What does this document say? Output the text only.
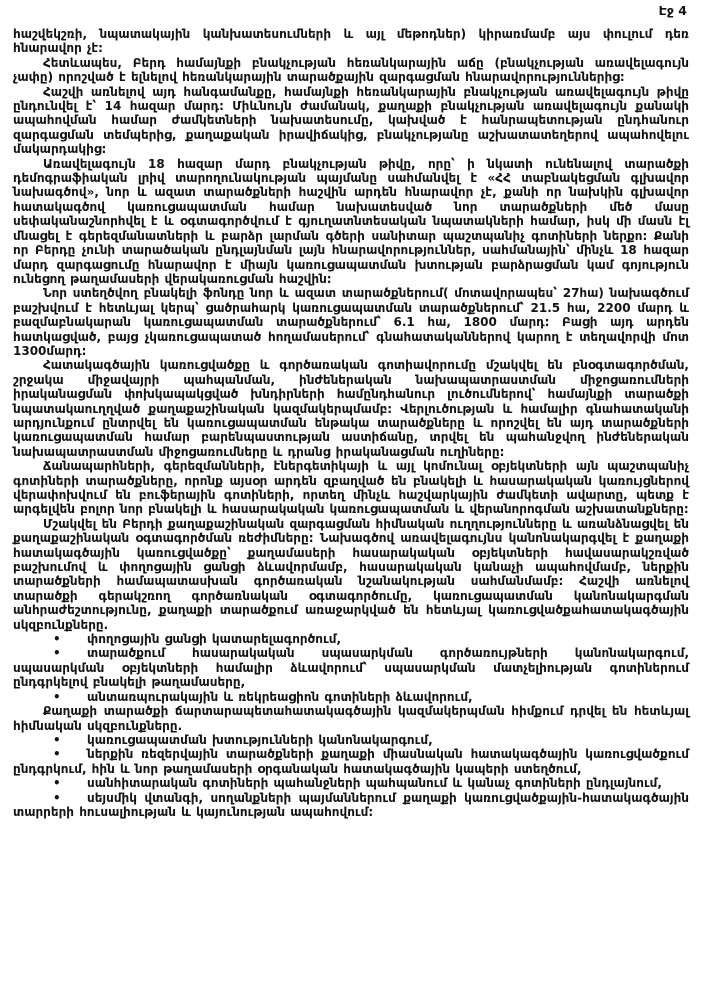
Էջ 4
հաշվեկշռի, նպատակային կանխատեսումների և այլ մեթոդներ) կիրառմամբ այս փուլում դեռ հնարավոր չէ:
Հետևապես, Բերդ համայնքի բնակչության հեռանկարային աճը (բնակչության առավելագույն չափը) որոշված է ելնելով հեռանկարային տարածքային զարգացման հնարավորություններից:
Հաշվի առնելով այդ հանգամանքը, համայնքի հեռանկարային բնակչության առավելագույն թիվը ընդունվել է՝ 14 հազար մարդ: Միևնույն ժամանակ, քաղաքի բնակչության առավելագույն քանակի ապահովման համար ժամկետների նախատեսումը, կախված է հանրապետության ընդհանուր զարգացման տեմպերից, քաղաքական իրավիճակից, բնակչությանը աշխատատեղերով ապահովելու մակարդակից:
Առավելագույն 18 հազար մարդ բնակչության թիվը, որը՝ ի նկատի ունենալով տարածքի դեմոգրաֆիական լրիվ տարողունակության պայմանը սահմանվել է «ՀՀ տաբնակեցման գլխավոր նախագծով», նոր և ազատ տարածքների հաշվին արդեն հնարավոր չէ, քանի որ նախկին գլխավոր հատակագծով կառուցապատման համար նախատեսված նոր տարածքների մեծ մասը սեփականաշնորհվել է և օգտագործվում է գյուղատնտեսական նպատակների համար, իսկ մի մասն էլ մնացել է գերեզմանատների և բարձր լարման գծերի սանիտար պաշտպանիչ գոտիների ներքո: Քանի որ Բերդը չունի տարածական ընդլայնման լայն հնարավորություններ, սահմանային՝ մինչև 18 հազար մարդ զարգացումը հնարավոր է միայն կառուցապատման խտության բարձրացման կամ գոյություն ունեցող թաղամասերի վերակառուցման հաշվին:
Նոր ստեղծվող բնակելի ֆոնդը նոր և ազատ տարածքներում( մոտավորապես՝ 27հա) նախագծում բաշխվում է հետևյալ կերպ՝ ցածրահարկ կառուցապատման տարածքներում՝ 21.5 հա, 2200 մարդ և բազմաբնակարան կառուցապատման տարածքներում՝ 6.1 հա, 1800 մարդ: Բացի այդ արդեն հատկացված, բայց չկառուցապատած հողամասերում՝ գնահատականներով կարող է տեղավորվի մոտ 1300մարդ:
Հատակագծային կառուցվածքը և գործառական գոտիավորումը մշակվել են բնօգտագործման, շրջակա միջավայրի պահպանման, ինժեներական նախապատրաստման միջոցառումների իրականացման փոխկապակցված խնդիրների համընդհանուր լուծումներով՝ համայնքի տարածքի նպատակաուղղված քաղաքաշինական կազմակերպմամբ: Վերլուծության և համալիր գնահատականի արդյունքում ընտրվել են կառուցապատման ենթակա տարածքները և որոշվել են այդ տարածքների կառուցապատման համար բարենպաստության աստիճանը, տրվել են պահանջվող ինժեներական նախապատրաստման միջոցառումները և դրանց իրականացման ուղիները:
Ճանապարհների, գերեզմանների, էներգետիկայի և այլ կոմունալ օբյեկտների այն պաշտպանիչ գոտիների տարածքները, որոնք այսօր արդեն զբաղված են բնակելի և հասարակական կառույցներով վերափոխվում են բուֆերային գոտիների, որտեղ մինչև հաշվարկային ժամկետի ավարտը, պետք է արգելվեն բոլոր նոր բնակելի և հասարակական կառուցապատման և վերանորոգման աշխատանքները:
Մշակվել են Բերդի քաղաքաշինական զարգացման հիմնական ուղղությունները և առանձնացվել են քաղաքաշինական օգտագործման ռեժիմները: Նախագծով առավելագույնս կանոնակարգվել է քաղաքի հատակագծային կառուցվածքը՝ քաղամասերի հասարակական օբյեկտների հավասարակշռված բաշխումով և փողոցային ցանցի ձևավորմամբ, հասարակական կանաչի ապահովմամբ, ներքին տարածքների համապատասխան գործառական նշանակության սահմանմամբ: Հաշվի առնելով տարածքի գերակշռող գործառնական օգտագործումը, կառուցապատման կանոնակարգման անհրաժեշտությունը, քաղաքի տարածքում առաջարկված են հետևյալ կառուցվածքահատակագծային սկզբունքները.
• փողոցային ցանցի կատարելագործում,
• տարածքում հասարակական սպասարկման գործառույթների կանոնակարգում, սպասարկման օբյեկտների համալիր ձևավորում՝ սպասարկման մատչելիության գոտիներում ընդգրկելով բնակելի թաղամասերը,
• անտառպուրակային և ռեկրեացիոն գոտիների ձևավորում,
Քաղաքի տարածքի ճարտարապետահատակագծային կազմակերպման հիմքում դրվել են հետևյալ հիմնական սկզբունքները.
• կառուցապատման խտությունների կանոնակարգում,
• ներքին ռեզերվային տարածքների քաղաքի միասնական հատակագծային կառուցվածքում ընդգրկում, հին և նոր թաղամասերի օրգանական հատակագծային կապերի ստեղծում,
• սանհիտարական գոտիների պահանջների պահպանում և կանաչ գոտիների ընդլայնում,
• սեյսմիկ վտանգի, սողանքների պայմաններում քաղաքի կառուցվածքային-հատակագծային տարրերի հուսալիության և կայունության ապահովում:
